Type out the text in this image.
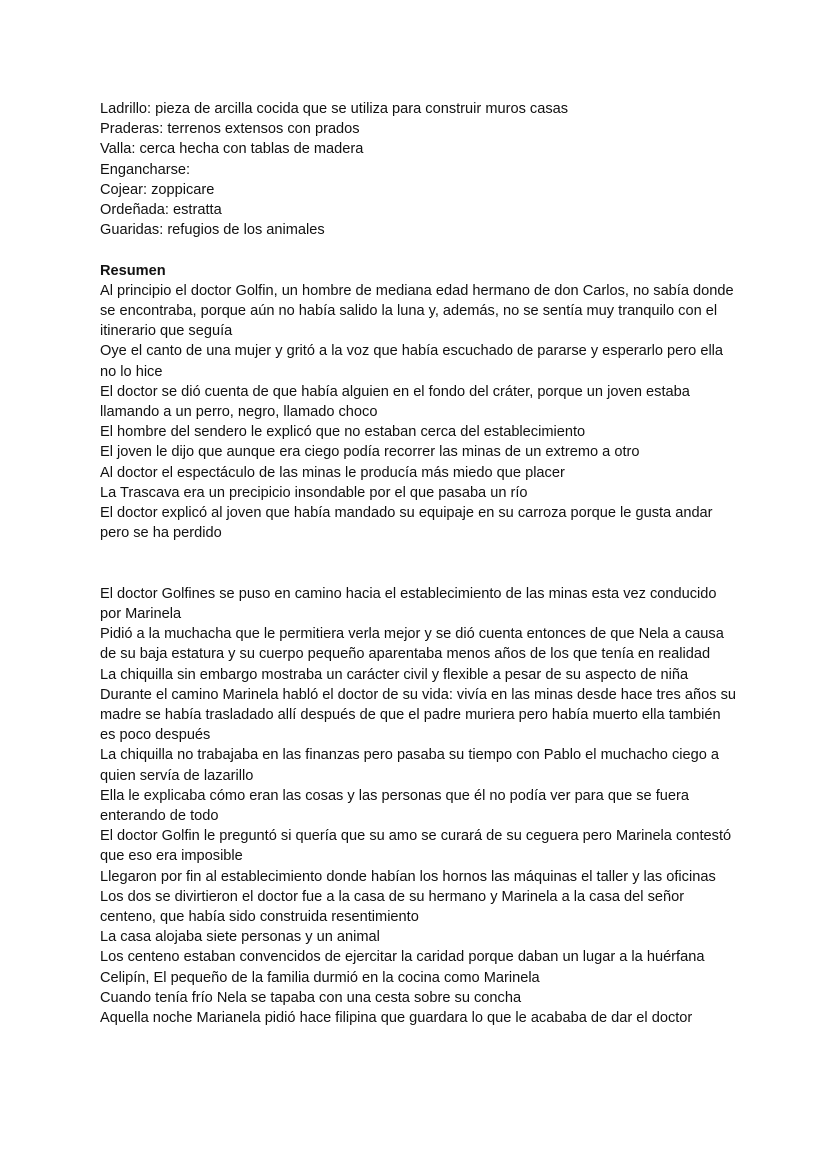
Ladrillo: pieza de arcilla cocida que se utiliza para construir muros casas

Praderas: terrenos extensos con prados

Valla: cerca hecha con tablas de madera

Engancharse:

Cojear: zoppicare

Ordeñada: estratta

Guaridas: refugios de los animales

Resumen

Al principio el doctor Golfin, un hombre de mediana edad hermano de don Carlos, no sabía donde se encontraba, porque aún no había salido la luna y, además, no se sentía muy tranquilo con el itinerario que seguía

Oye el canto de una mujer y gritó a la voz que había escuchado de pararse y esperarlo pero ella no lo hice

El doctor se dió cuenta de que había alguien en el fondo del cráter, porque un joven estaba llamando a un perro, negro, llamado choco

El hombre del sendero le explicó que no estaban cerca del establecimiento

El joven le dijo que aunque era ciego podía recorrer las minas de un extremo a otro

Al doctor el espectáculo de las minas le producía más miedo que placer

La Trascava era un precipicio insondable por el que pasaba un río

El doctor explicó al joven que había mandado su equipaje en su carroza porque le gusta andar pero se ha perdido

El doctor Golfines se puso en camino hacia el establecimiento de las minas esta vez conducido por Marinela

Pidió a la muchacha que le permitiera verla mejor y se dió cuenta entonces de que Nela a causa de su baja estatura y su cuerpo pequeño aparentaba menos años de los que tenía en realidad

La chiquilla sin embargo mostraba un carácter civil y flexible a pesar de su aspecto de niña

Durante el camino Marinela habló el doctor de su vida: vivía en las minas desde hace tres años su madre se había trasladado allí después de que el padre muriera pero había muerto ella también es poco después

La chiquilla no trabajaba en las finanzas pero pasaba su tiempo con Pablo el muchacho ciego a quien servía de lazarillo

Ella le explicaba cómo eran las cosas y las personas que él no podía ver para que se fuera enterando de todo

El doctor Golfin le preguntó si quería que su amo se curará de su ceguera pero Marinela contestó que eso era imposible

Llegaron por fin al establecimiento donde habían los hornos las máquinas el taller y las oficinas

Los dos se divirtieron el doctor fue a la casa de su hermano y Marinela a la casa del señor centeno, que había sido construida resentimiento

La casa alojaba siete personas y un animal

Los centeno estaban convencidos de ejercitar la caridad porque daban un lugar a la huérfana

Celipín, El pequeño de la familia durmió en la cocina como Marinela

Cuando tenía frío Nela se tapaba con una cesta sobre su concha

Aquella noche Marianela pidió hace filipina que guardara lo que le acababa de dar el doctor
